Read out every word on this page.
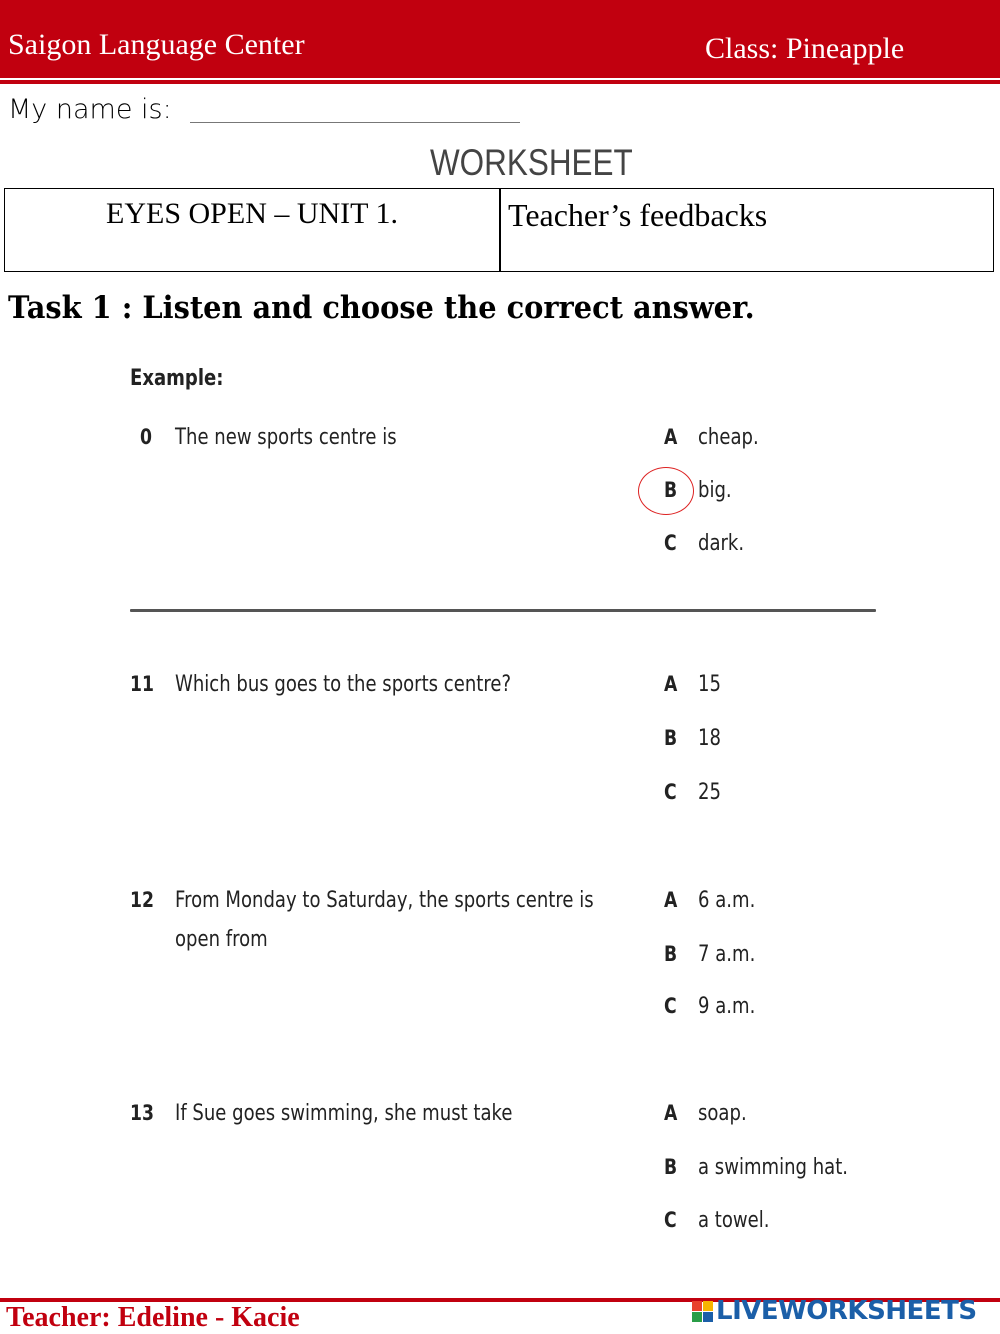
Saigon Language Center	Class: Pineapple
My name is:
WORKSHEET
EYES OPEN – UNIT 1.	Teacher’s feedbacks
Task 1 : Listen and choose the correct answer.
Example:
0 The new sports centre is	A cheap.
B big.
C dark.
11 Which bus goes to the sports centre?	A 15
B 18
C 25
12 From Monday to Saturday, the sports centre is open from
A 6 a.m.
B 7 a.m.
C 9 a.m.
13 If Sue goes swimming, she must take	A soap.
B a swimming hat.
C a towel.
Teacher: Edeline - Kacie	LIVEWORKSHEETS
